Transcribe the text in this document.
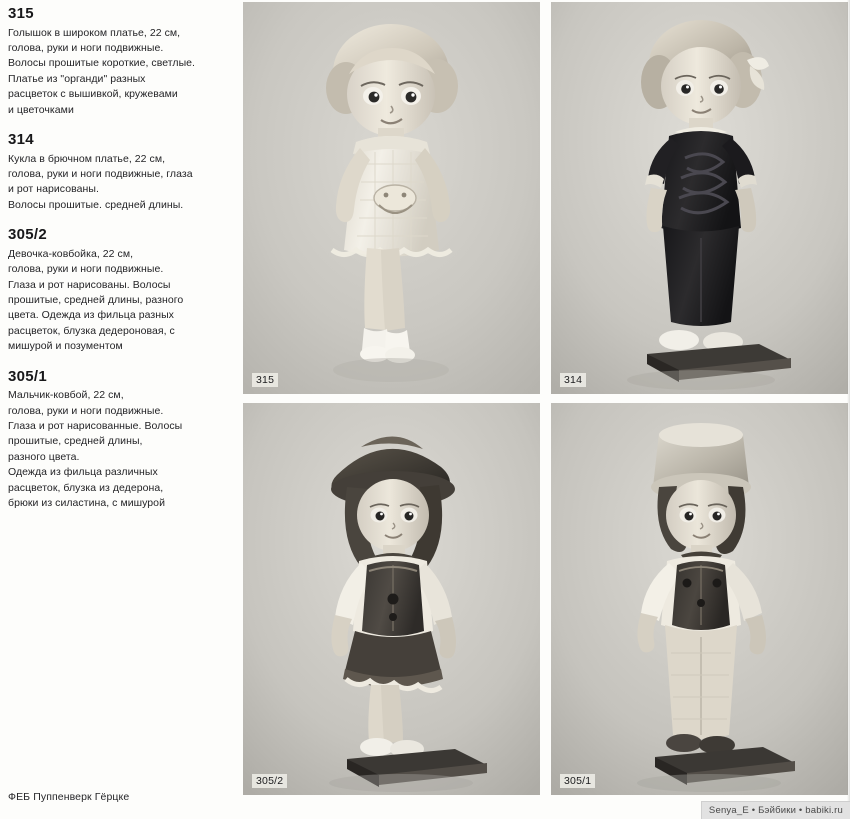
315
Голышок в широком платье, 22 см,
голова, руки и ноги подвижные.
Волосы прошитые короткие, светлые.
Платье из "органди" разных
расцветок с вышивкой, кружевами
и цветочками
314
Кукла в брючном платье, 22 см,
голова, руки и ноги подвижные, глаза
и рот нарисованы.
Волосы прошитые. средней длины.
305/2
Девочка-ковбойка, 22 см,
голова, руки и ноги подвижные.
Глаза и рот нарисованы. Волосы
прошитые, средней длины, разного
цвета. Одежда из фильца разных
расцветок, блузка дедероновая, с
мишурой и позументом
305/1
Мальчик-ковбой, 22 см,
голова, руки и ноги подвижные.
Глаза и рот нарисованные. Волосы
прошитые, средней длины,
разного цвета.
Одежда из фильца различных
расцветок, блузка из дедерона,
брюки из силастина, с мишурой
ФЕБ Пуппенверк Гёрцке
315	314
305/2	305/1
Senya_E • Бэйбики • babiki.ru
